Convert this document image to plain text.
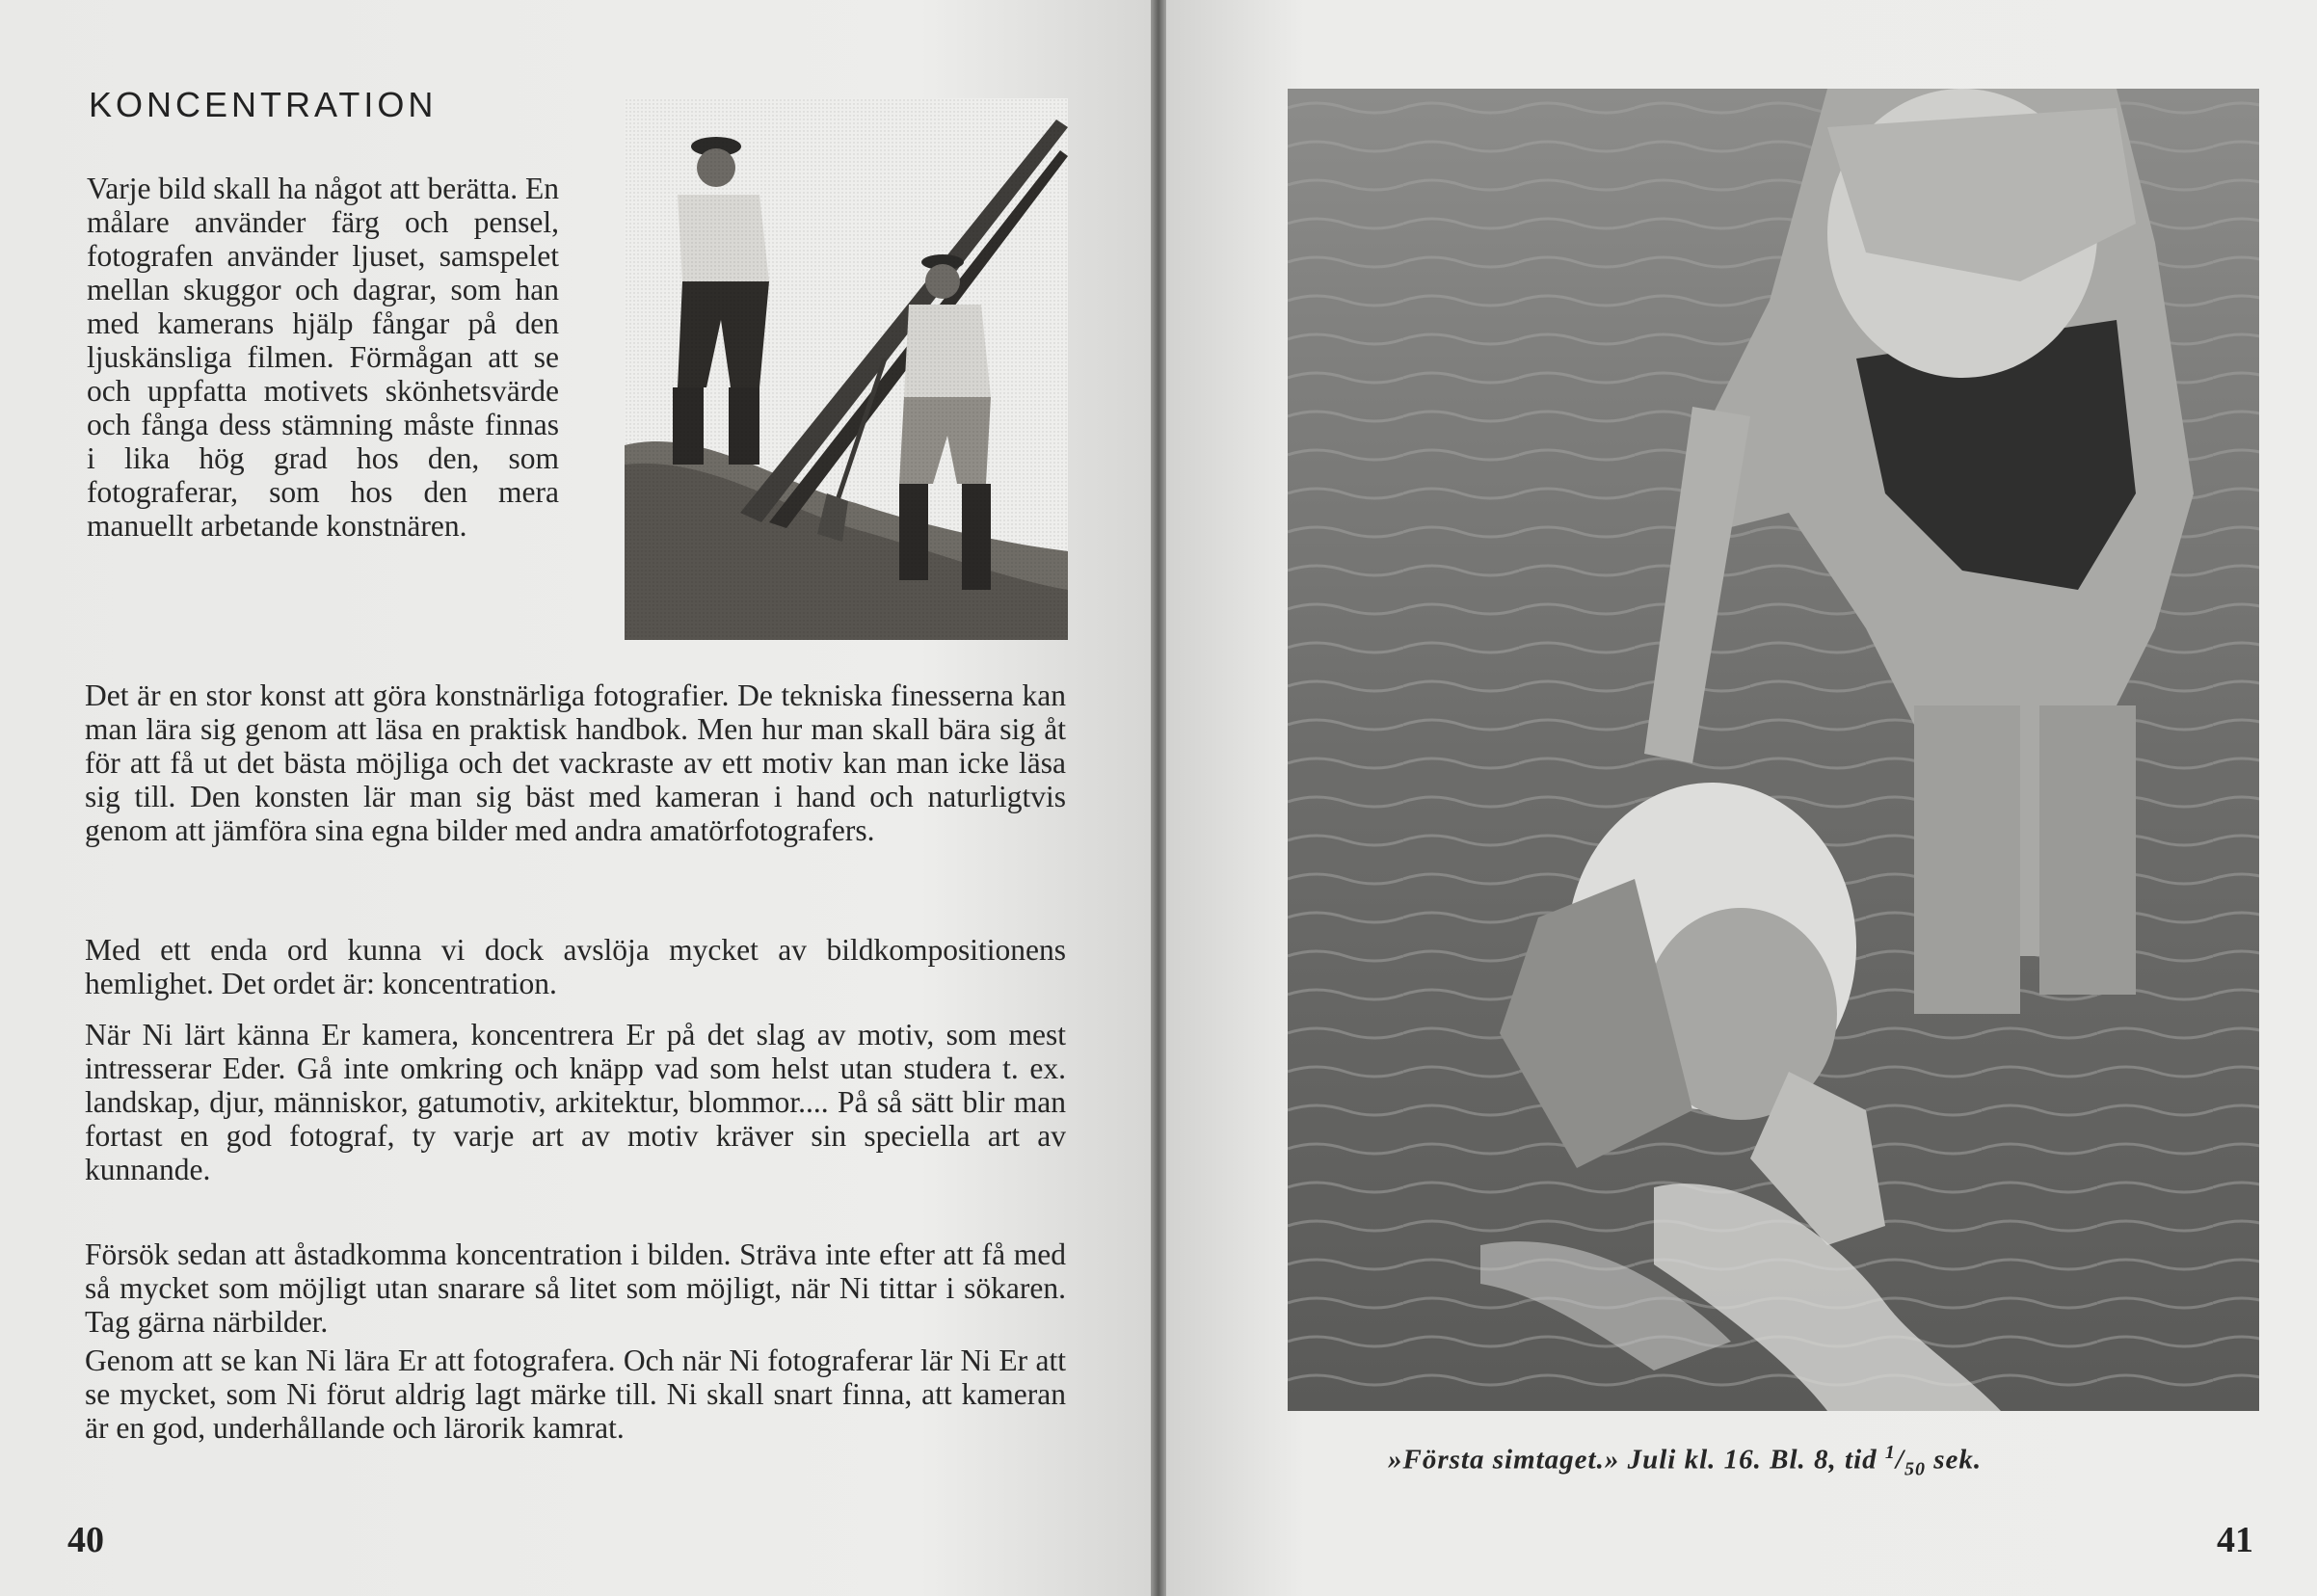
KONCENTRATION

Varje bild skall ha något att berätta. En målare använder färg och pensel, fotografen använder ljuset, samspelet mellan skuggor och dagrar, som han med kamerans hjälp fångar på den ljuskänsliga filmen. Förmågan att se och uppfatta motivets skönhetsvärde och fånga dess stämning måste finnas i lika hög grad hos den, som fotograferar, som hos den mera manuellt arbetande konstnären.

Det är en stor konst att göra konstnärliga fotografier. De tekniska finesserna kan man lära sig genom att läsa en praktisk handbok. Men hur man skall bära sig åt för att få ut det bästa möjliga och det vackraste av ett motiv kan man icke läsa sig till. Den konsten lär man sig bäst med kameran i hand och naturligtvis genom att jämföra sina egna bilder med andra amatörfotografers.

Med ett enda ord kunna vi dock avslöja mycket av bildkompositionens hemlighet. Det ordet är: koncentration.

När Ni lärt känna Er kamera, koncentrera Er på det slag av motiv, som mest intresserar Eder. Gå inte omkring och knäpp vad som helst utan studera t. ex. landskap, djur, människor, gatumotiv, arkitektur, blommor.... På så sätt blir man fortast en god fotograf, ty varje art av motiv kräver sin speciella art av kunnande.

Försök sedan att åstadkomma koncentration i bilden. Sträva inte efter att få med så mycket som möjligt utan snarare så litet som möjligt, när Ni tittar i sökaren. Tag gärna närbilder.

Genom att se kan Ni lära Er att fotografera. Och när Ni fotograferar lär Ni Er att se mycket, som Ni förut aldrig lagt märke till. Ni skall snart finna, att kameran är en god, underhållande och lärorik kamrat.

40
»Första simtaget.» Juli kl. 16. Bl. 8, tid $^1/_{50}$ sek.
41
